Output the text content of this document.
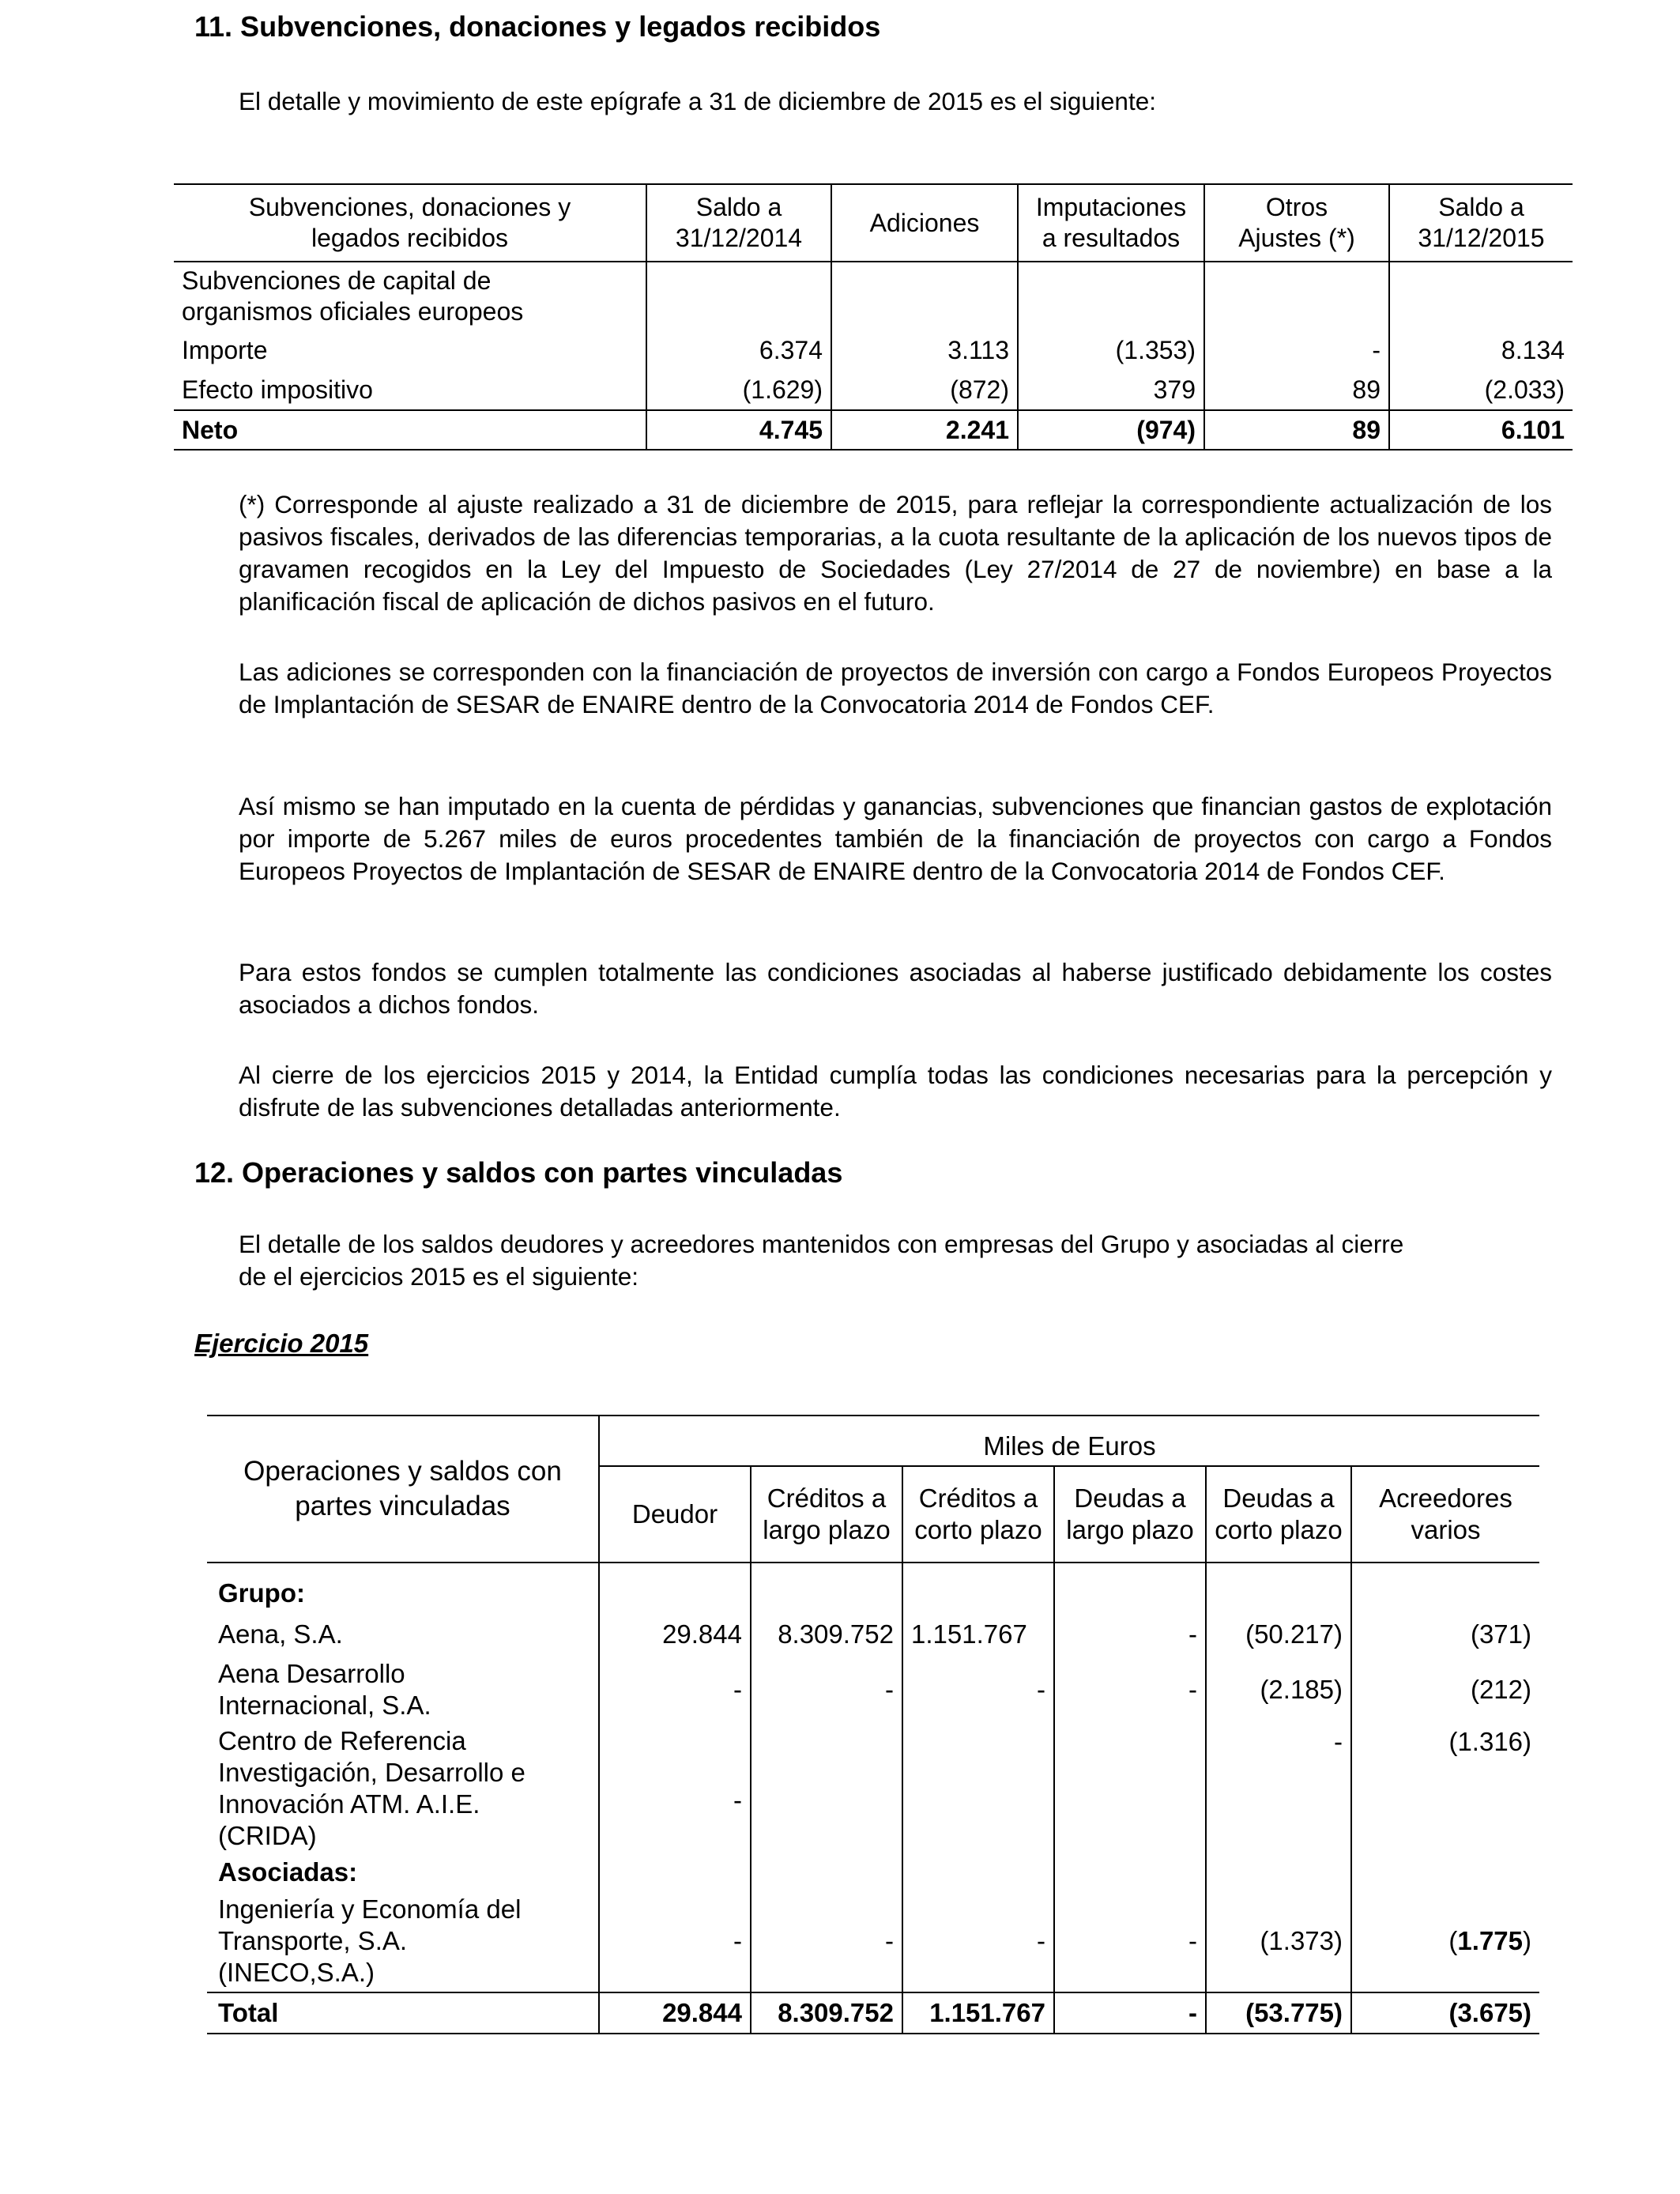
11. Subvenciones, donaciones y legados recibidos

El detalle y movimiento de este epígrafe a 31 de diciembre de 2015 es el siguiente:

Subvenciones, donaciones y legados recibidos	Saldo a 31/12/2014	Adiciones	Imputaciones a resultados	Otros Ajustes (*)	Saldo a 31/12/2015
Subvenciones de capital de organismos oficiales europeos					
Importe	6.374	3.113	(1.353)	-	8.134
Efecto impositivo	(1.629)	(872)	379	89	(2.033)
Neto	4.745	2.241	(974)	89	6.101

(*) Corresponde al ajuste realizado a 31 de diciembre de 2015, para reflejar la correspondiente actualización de los pasivos fiscales, derivados de las diferencias temporarias, a la cuota resultante de la aplicación de los nuevos tipos de gravamen recogidos en la Ley del Impuesto de Sociedades (Ley 27/2014 de 27 de noviembre) en base a la planificación fiscal de aplicación de dichos pasivos en el futuro.

Las adiciones se corresponden con la financiación de proyectos de inversión con cargo a Fondos Europeos Proyectos de Implantación de SESAR de ENAIRE dentro de la Convocatoria 2014 de Fondos CEF.

Así mismo se han imputado en la cuenta de pérdidas y ganancias, subvenciones que financian gastos de explotación por importe de 5.267 miles de euros procedentes también de la financiación de proyectos con cargo a Fondos Europeos Proyectos de Implantación de SESAR de ENAIRE dentro de la Convocatoria 2014 de Fondos CEF.

Para estos fondos se cumplen totalmente las condiciones asociadas al haberse justificado debidamente los costes asociados a dichos fondos.

Al cierre de los ejercicios 2015 y 2014, la Entidad cumplía todas las condiciones necesarias para la percepción y disfrute de las subvenciones detalladas anteriormente.

12. Operaciones y saldos con partes vinculadas

El detalle de los saldos deudores y acreedores mantenidos con empresas del Grupo y asociadas al cierre

de el ejercicios 2015 es el siguiente:

Ejercicio 2015

Operaciones y saldos con partes vinculadas	Miles de Euros					
	Deudor	Créditos a largo plazo	Créditos a corto plazo	Deudas a largo plazo	Deudas a corto plazo	Acreedores varios
Grupo:						
Aena, S.A.	29.844	8.309.752	1.151.767	-	(50.217)	(371)
Aena Desarrollo Internacional, S.A.	-	-	-	-	(2.185)	(212)
Centro de Referencia Investigación, Desarrollo e Innovación ATM. A.I.E. (CRIDA)	-				-	(1.316)
Asociadas:						
Ingeniería y Economía del Transporte, S.A. (INECO,S.A.)	-	-	-	-	(1.373)	(1.775)
Total	29.844	8.309.752	1.151.767	-	(53.775)	(3.675)
